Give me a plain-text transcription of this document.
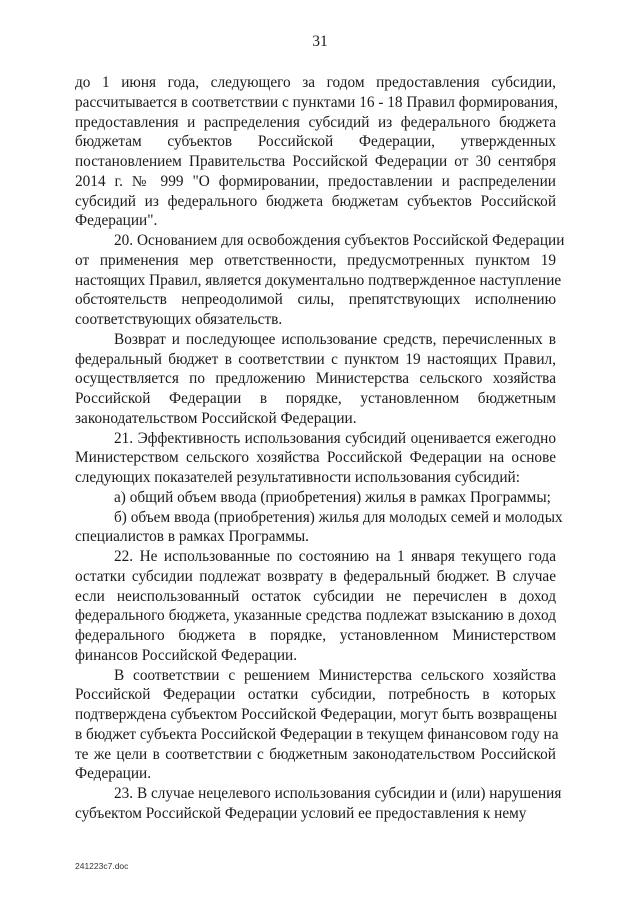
31
до 1 июня года, следующего за годом предоставления субсидии,
рассчитывается в соответствии с пунктами 16 - 18 Правил формирования,
предоставления и распределения субсидий из федерального бюджета
бюджетам субъектов Российской Федерации, утвержденных
постановлением Правительства Российской Федерации от 30 сентября
2014 г. № 999 "О формировании, предоставлении и распределении
субсидий из федерального бюджета бюджетам субъектов Российской
Федерации".
20. Основанием для освобождения субъектов Российской Федерации
от применения мер ответственности, предусмотренных пунктом 19
настоящих Правил, является документально подтвержденное наступление
обстоятельств непреодолимой силы, препятствующих исполнению
соответствующих обязательств.
Возврат и последующее использование средств, перечисленных в
федеральный бюджет в соответствии с пунктом 19 настоящих Правил,
осуществляется по предложению Министерства сельского хозяйства
Российской Федерации в порядке, установленном бюджетным
законодательством Российской Федерации.
21. Эффективность использования субсидий оценивается ежегодно
Министерством сельского хозяйства Российской Федерации на основе
следующих показателей результативности использования субсидий:
а) общий объем ввода (приобретения) жилья в рамках Программы;
б) объем ввода (приобретения) жилья для молодых семей и молодых
специалистов в рамках Программы.
22. Не использованные по состоянию на 1 января текущего года
остатки субсидии подлежат возврату в федеральный бюджет. В случае
если неиспользованный остаток субсидии не перечислен в доход
федерального бюджета, указанные средства подлежат взысканию в доход
федерального бюджета в порядке, установленном Министерством
финансов Российской Федерации.
В соответствии с решением Министерства сельского хозяйства
Российской Федерации остатки субсидии, потребность в которых
подтверждена субъектом Российской Федерации, могут быть возвращены
в бюджет субъекта Российской Федерации в текущем финансовом году на
те же цели в соответствии с бюджетным законодательством Российской
Федерации.
23. В случае нецелевого использования субсидии и (или) нарушения
субъектом Российской Федерации условий ее предоставления к нему
241223c7.doc
